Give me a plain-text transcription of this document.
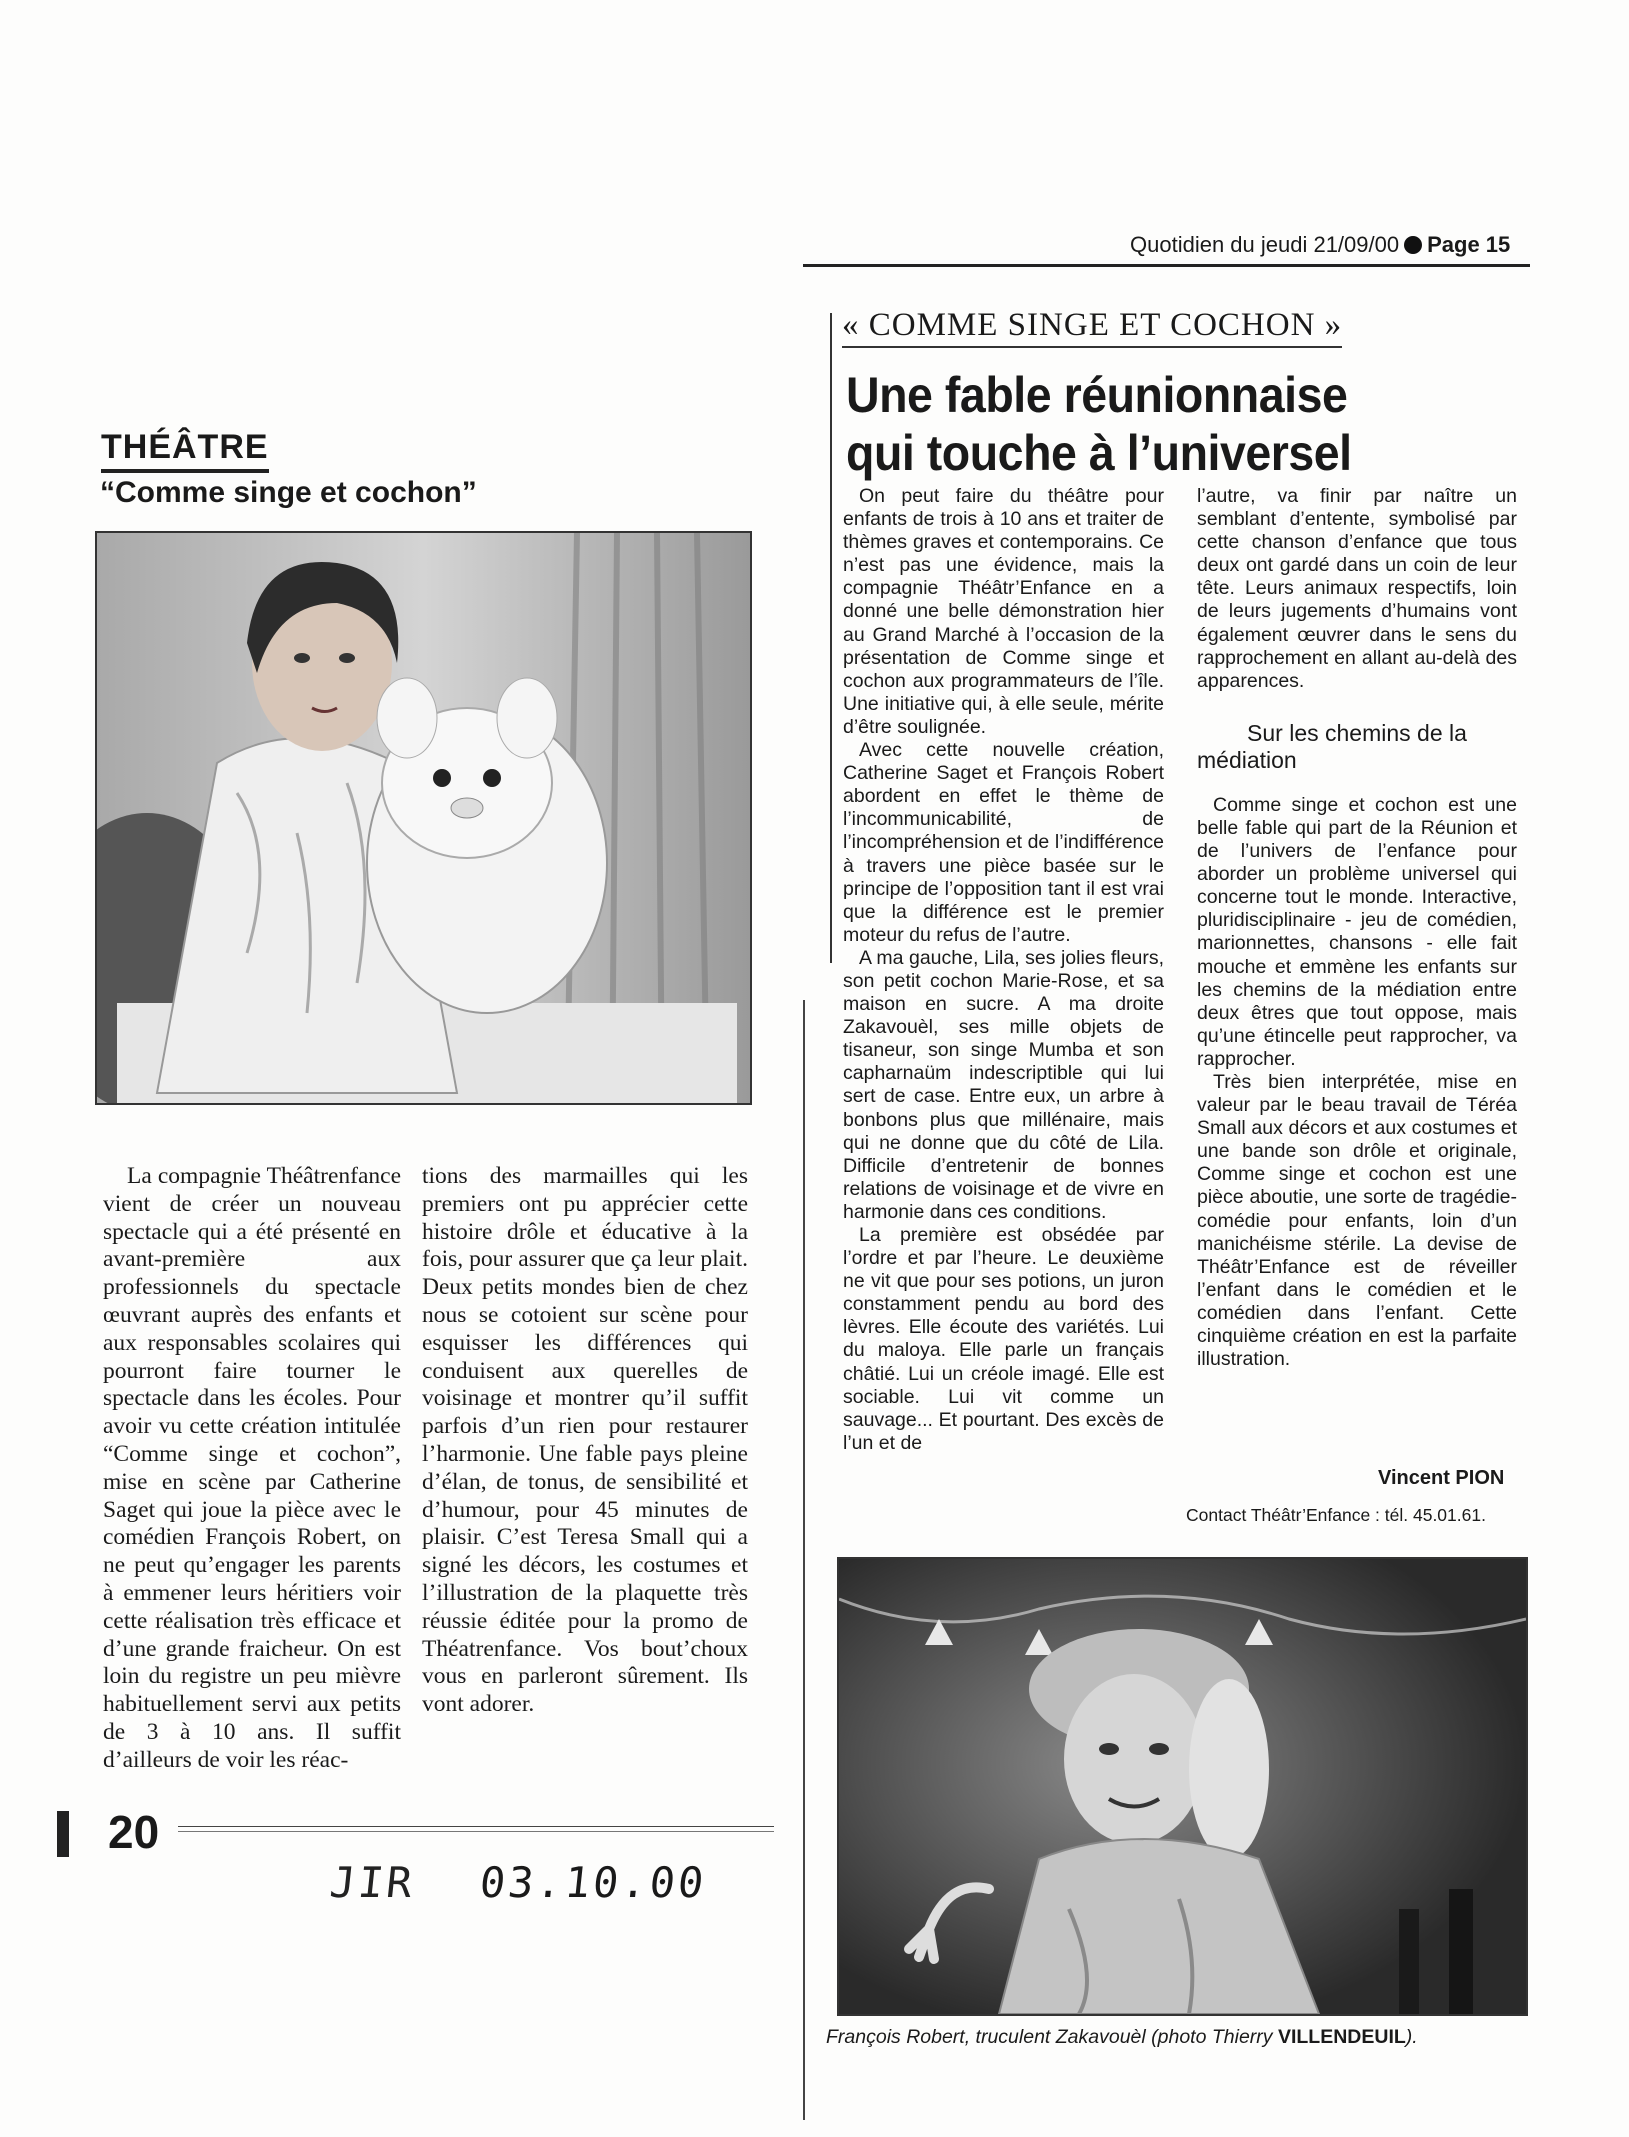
THÉÂTRE
“Comme singe et cochon”
La compagnie Théâtrenfance vient de créer un nouveau spectacle qui a été présenté en avant-première aux professionnels du spectacle œuvrant auprès des enfants et aux responsables scolaires qui pourront faire tourner le spectacle dans les écoles. Pour avoir vu cette création intitulée “Comme singe et cochon”, mise en scène par Catherine Saget qui joue la pièce avec le comédien François Robert, on ne peut qu’engager les parents à emmener leurs héritiers voir cette réalisation très efficace et d’une grande fraicheur. On est loin du registre un peu mièvre habituellement servi aux petits de 3 à 10 ans. Il suffit d’ailleurs de voir les réac-
tions des marmailles qui les premiers ont pu apprécier cette histoire drôle et éducative à la fois, pour assurer que ça leur plait. Deux petits mondes bien de chez nous se cotoient sur scène pour esquisser les différences qui conduisent aux querelles de voisinage et montrer qu’il suffit parfois d’un rien pour restaurer l’harmonie. Une fable pays pleine d’élan, de tonus, de sensibilité et d’humour, pour 45 minutes de plaisir. C’est Teresa Small qui a signé les décors, les costumes et l’illustration de la plaquette très réussie éditée pour la promo de Théatrenfance. Vos bout’choux vous en parleront sûrement. Ils vont adorer.
20
JIR 03.10.00
Quotidien du jeudi 21/09/00 Page 15
« COMME SINGE ET COCHON »
Une fable réunionnaise
qui touche à l’universel

On peut faire du théâtre pour enfants de trois à 10 ans et traiter de thèmes graves et contemporains. Ce n’est pas une évidence, mais la compagnie Théâtr’Enfance en a donné une belle démonstration hier au Grand Marché à l’occasion de la présentation de Comme singe et cochon aux programmateurs de l’île. Une initiative qui, à elle seule, mérite d’être soulignée.

Avec cette nouvelle création, Catherine Saget et François Robert abordent en effet le thème de l’incommunicabilité, de l’incompréhension et de l’indifférence à travers une pièce basée sur le principe de l’opposition tant il est vrai que la différence est le premier moteur du refus de l’autre.

A ma gauche, Lila, ses jolies fleurs, son petit cochon Marie-Rose, et sa maison en sucre. A ma droite Zakavouèl, ses mille objets de tisaneur, son singe Mumba et son capharnaüm indescriptible qui lui sert de case. Entre eux, un arbre à bonbons plus que millénaire, mais qui ne donne que du côté de Lila. Difficile d’entretenir de bonnes relations de voisinage et de vivre en harmonie dans ces conditions.

La première est obsédée par l’ordre et par l’heure. Le deuxième ne vit que pour ses potions, un juron constamment pendu au bord des lèvres. Elle écoute des variétés. Lui du maloya. Elle parle un français châtié. Lui un créole imagé. Elle est sociable. Lui vit comme un sauvage... Et pourtant. Des excès de l’un et de

l’autre, va finir par naître un semblant d’entente, symbolisé par cette chanson d’enfance que tous deux ont gardé dans un coin de leur tête. Leurs animaux respectifs, loin de leurs jugements d’humains vont également œuvrer dans le sens du rapprochement en allant au-delà des apparences.

Sur les chemins de la médiation

Comme singe et cochon est une belle fable qui part de la Réunion et de l’univers de l’enfance pour aborder un problème universel qui concerne tout le monde. Interactive, pluridisciplinaire - jeu de comédien, marionnettes, chansons - elle fait mouche et emmène les enfants sur les chemins de la médiation entre deux êtres que tout oppose, mais qu’une étincelle peut rapprocher, va rapprocher.

Très bien interprétée, mise en valeur par le beau travail de Téréa Small aux décors et aux costumes et une bande son drôle et originale, Comme singe et cochon est une pièce aboutie, une sorte de tragédie-comédie pour enfants, loin d’un manichéisme stérile. La devise de Théâtr’Enfance est de réveiller l’enfant dans le comédien et le comédien dans l’enfant. Cette cinquième création en est la parfaite illustration.

Vincent PION
Contact Théâtr’Enfance : tél. 45.01.61.
François Robert, truculent Zakavouèl (photo Thierry VILLENDEUIL).
